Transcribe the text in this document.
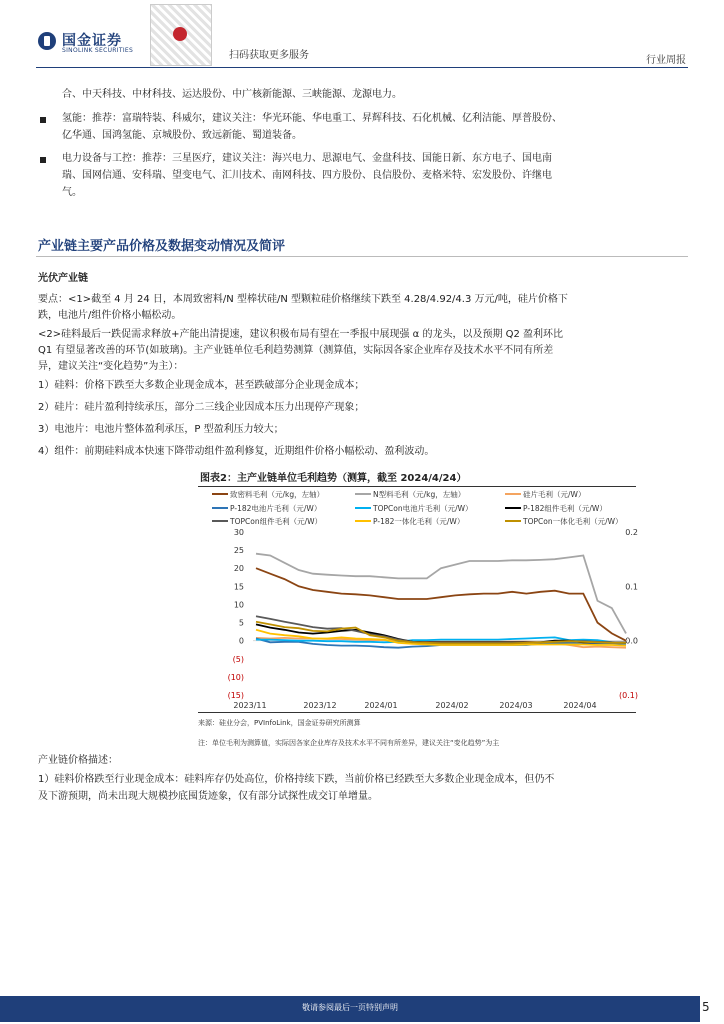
国金证券
SINOLINK SECURITIES	扫码获取更多服务	行业周报
合、中天科技、中材科技、运达股份、中广核新能源、三峡能源、龙源电力。
氢能：推荐：富瑞特装、科威尔，建议关注：华光环能、华电重工、昇辉科技、石化机械、亿利洁能、厚普股份、
亿华通、国鸿氢能、京城股份、致远新能、蜀道装备。
电力设备与工控：推荐：三星医疗，建议关注：海兴电力、思源电气、金盘科技、国能日新、东方电子、国电南
瑞、国网信通、安科瑞、望变电气、汇川技术、南网科技、四方股份、良信股份、麦格米特、宏发股份、许继电
气。
产业链主要产品价格及数据变动情况及简评
光伏产业链
要点：<1>截至 4 月 24 日，本周致密料/N 型棒状硅/N 型颗粒硅价格继续下跌至 4.28/4.92/4.3 万元/吨，硅片价格下
跌，电池片/组件价格小幅松动。
<2>硅料最后一跌促需求释放+产能出清提速，建议积极布局有望在一季报中展现强 α 的龙头，以及预期 Q2 盈利环比
Q1 有望显著改善的环节(如玻璃)。主产业链单位毛利趋势测算（测算值，实际因各家企业库存及技术水平不同有所差
异，建议关注“变化趋势”为主）：
1）硅料：价格下跌至大多数企业现金成本，甚至跌破部分企业现金成本；
2）硅片：硅片盈利持续承压，部分二三线企业因成本压力出现停产现象；
3）电池片：电池片整体盈利承压，P 型盈利压力较大；
4）组件：前期硅料成本快速下降带动组件盈利修复，近期组件价格小幅松动、盈利波动。
图表2：主产业链单位毛利趋势（测算，截至 2024/4/24）
致密料毛利（元/kg，左轴）	N型料毛利（元/kg，左轴）	硅片毛利（元/W）
P-182电池片毛利（元/W）	TOPCon电池片毛利（元/W）	P-182组件毛利（元/W）
TOPCon组件毛利（元/W）	P-182一体化毛利（元/W）	TOPCon一体化毛利（元/W）
30
25
20
15
10
5
0
(5)
(10)
(15)
0.2
0.1
0.0
(0.1)
2023/11	2023/12	2024/01	2024/02	2024/03	2024/04
来源：硅业分会，PVInfoLink，国金证券研究所测算
注：单位毛利为测算值，实际因各家企业库存及技术水平不同有所差异，建议关注“变化趋势”为主
产业链价格描述：
1）硅料价格跌至行业现金成本：硅料库存仍处高位，价格持续下跌，当前价格已经跌至大多数企业现金成本，但仍不
及下游预期，尚未出现大规模抄底囤货迹象，仅有部分试探性成交订单增量。
敬请参阅最后一页特别声明	5
